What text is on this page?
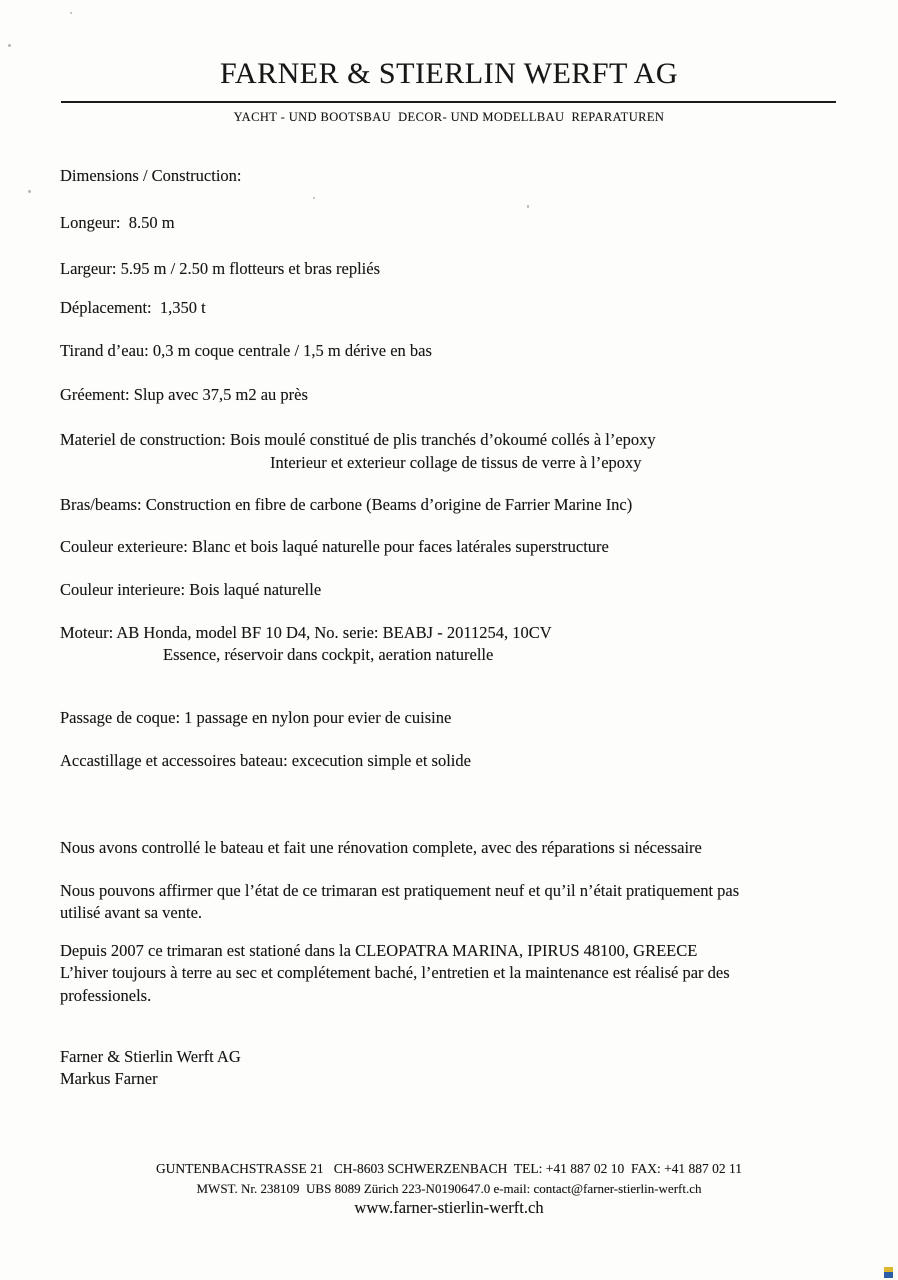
FARNER & STIERLIN WERFT AG

YACHT - UND BOOTSBAU  DECOR- UND MODELLBAU  REPARATUREN

Dimensions / Construction:

Longeur:  8.50 m

Largeur: 5.95 m / 2.50 m flotteurs et bras repliés

Déplacement:  1,350 t

Tirand d’eau: 0,3 m coque centrale / 1,5 m dérive en bas

Gréement: Slup avec 37,5 m2 au près

Materiel de construction: Bois moulé constitué de plis tranchés d’okoumé collés à l’epoxy

Interieur et exterieur collage de tissus de verre à l’epoxy

Bras/beams: Construction en fibre de carbone (Beams d’origine de Farrier Marine Inc)

Couleur exterieure: Blanc et bois laqué naturelle pour faces latérales superstructure

Couleur interieure: Bois laqué naturelle

Moteur: AB Honda, model BF 10 D4, No. serie: BEABJ - 2011254, 10CV

Essence, réservoir dans cockpit, aeration naturelle

Passage de coque: 1 passage en nylon pour evier de cuisine

Accastillage et accessoires bateau: excecution simple et solide

Nous avons controllé le bateau et fait une rénovation complete, avec des réparations si nécessaire

Nous pouvons affirmer que l’état de ce trimaran est pratiquement neuf et qu’il n’était pratiquement pas

utilisé avant sa vente.

Depuis 2007 ce trimaran est stationé dans la CLEOPATRA MARINA, IPIRUS 48100, GREECE

L’hiver toujours à terre au sec et complétement baché, l’entretien et la maintenance est réalisé par des

professionels.

Farner & Stierlin Werft AG

Markus Farner

GUNTENBACHSTRASSE 21   CH-8603 SCHWERZENBACH  TEL: +41 887 02 10  FAX: +41 887 02 11

MWST. Nr. 238109  UBS 8089 Zürich 223-N0190647.0 e-mail: contact@farner-stierlin-werft.ch

www.farner-stierlin-werft.ch
